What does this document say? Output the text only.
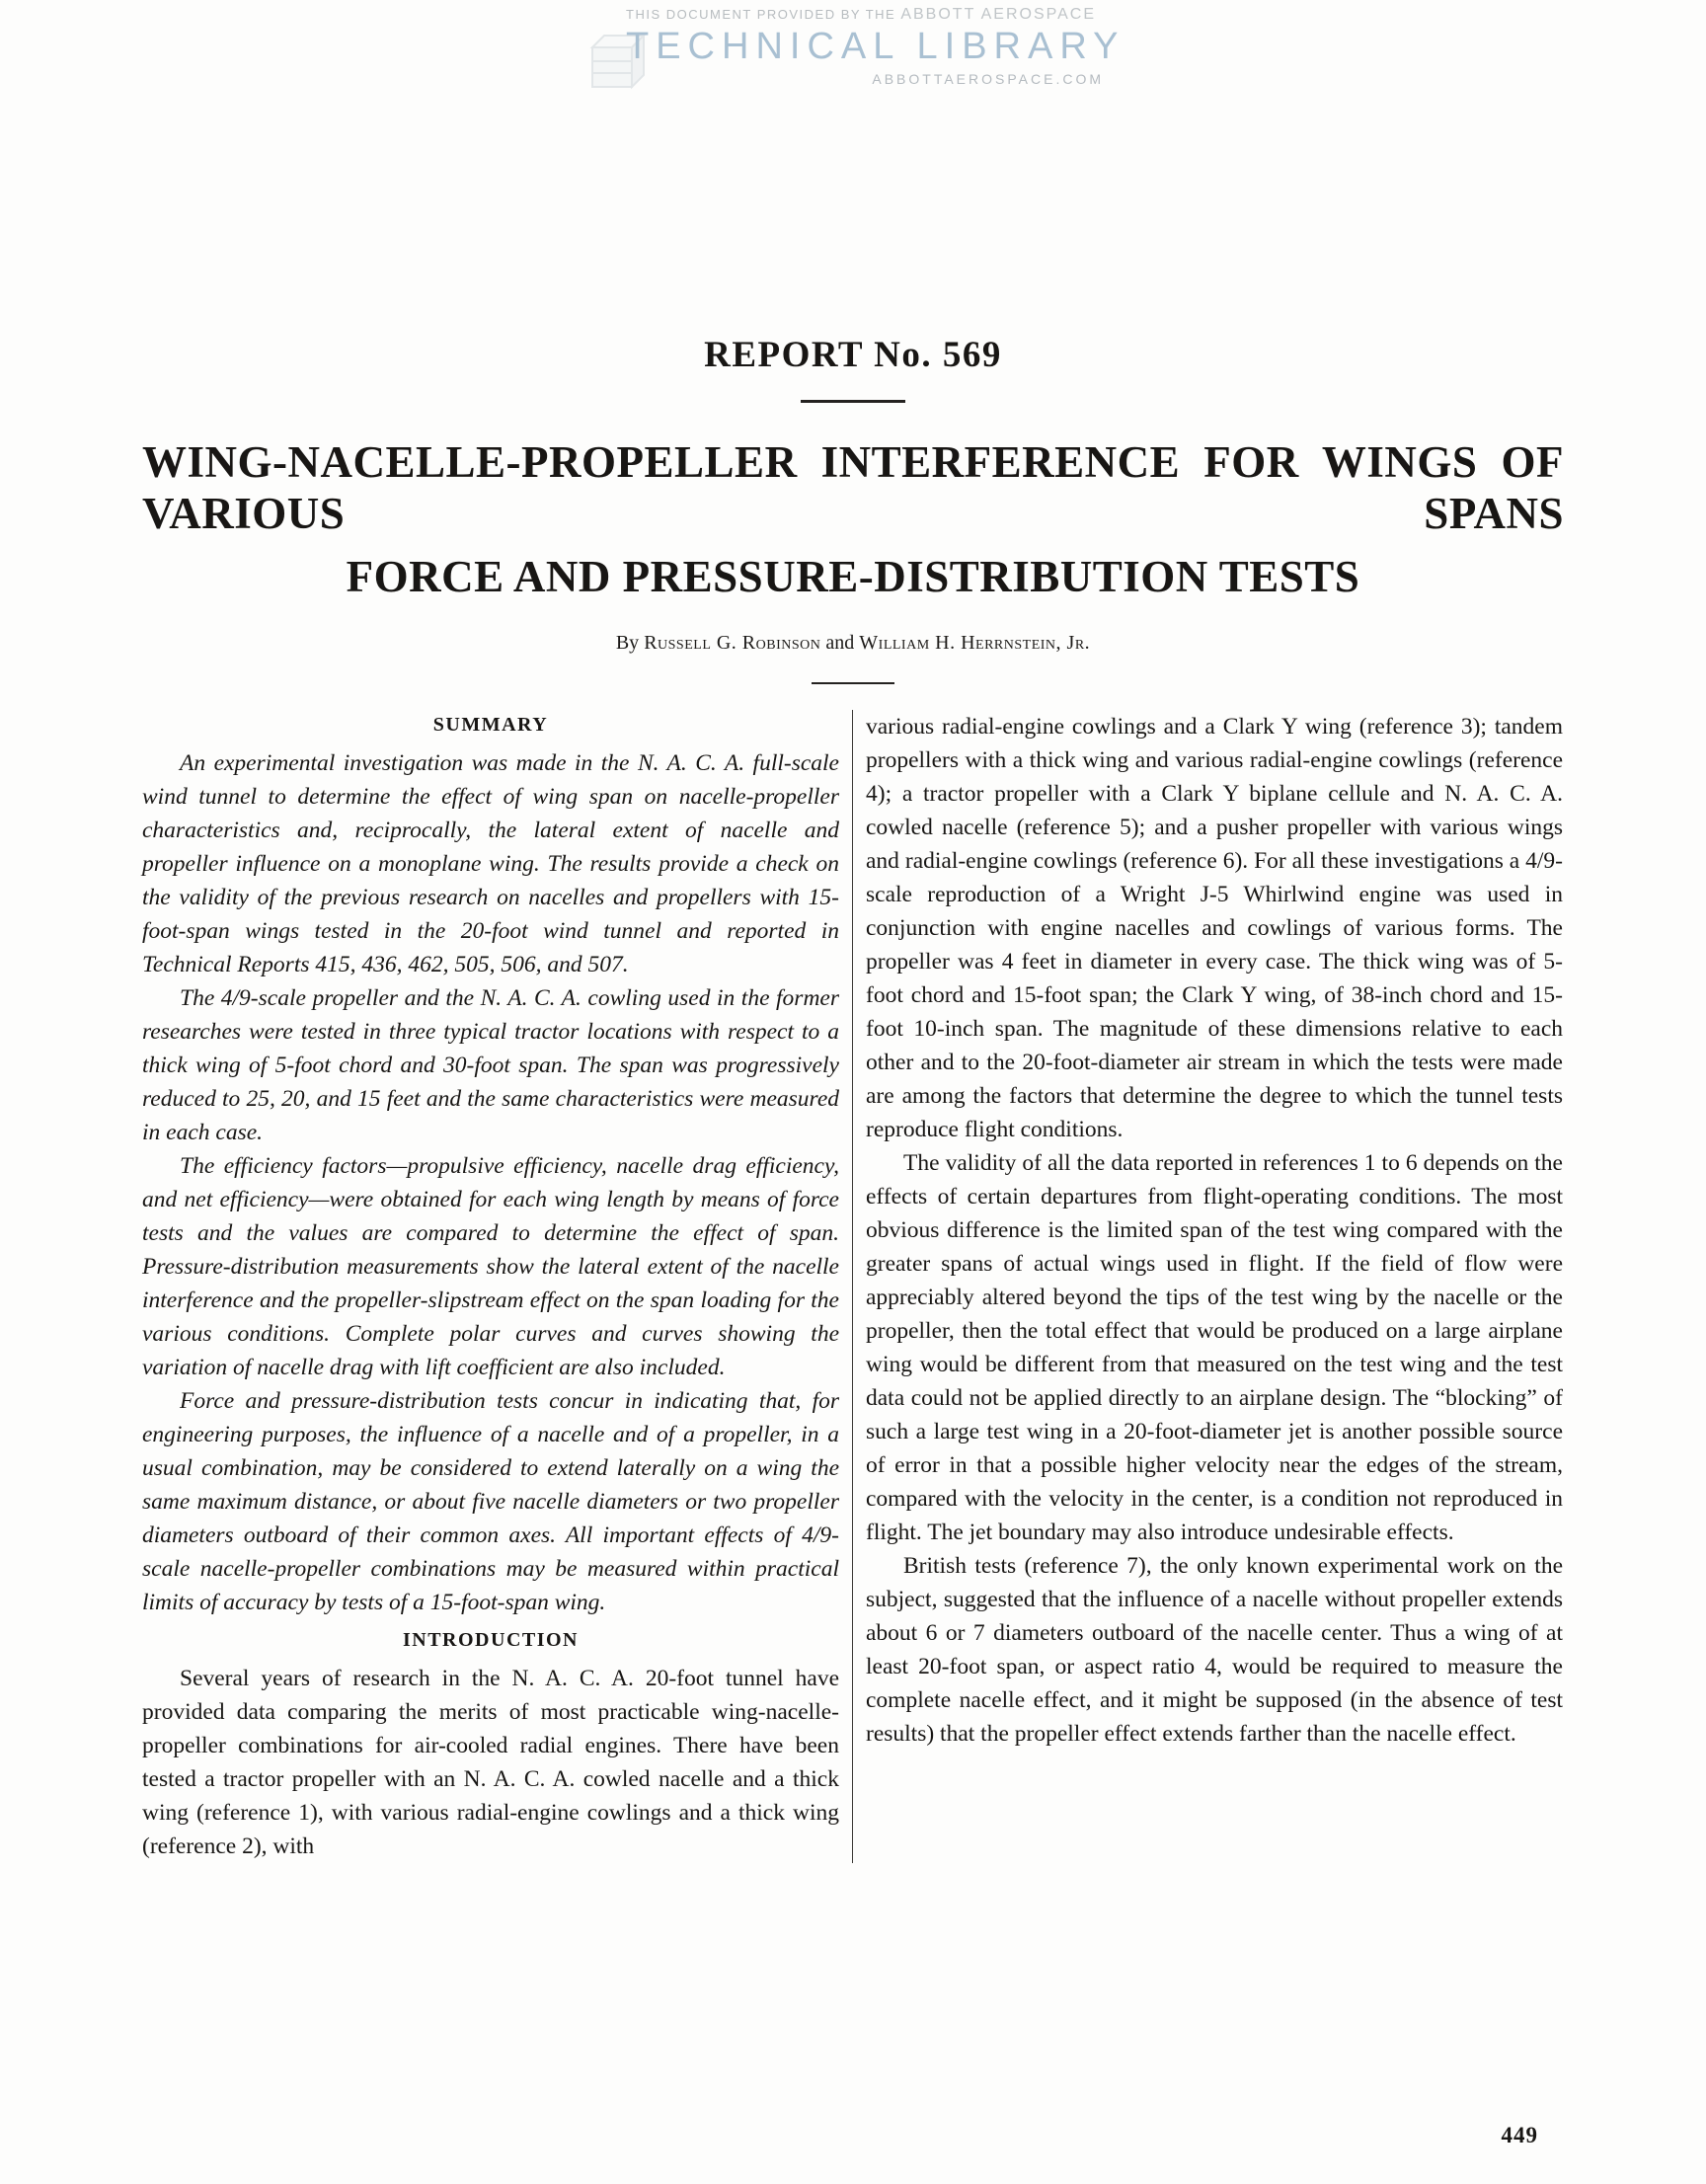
THIS DOCUMENT PROVIDED BY THE ABBOTT AEROSPACE
TECHNICAL LIBRARY
ABBOTTAEROSPACE.COM
REPORT No. 569
WING-NACELLE-PROPELLER INTERFERENCE FOR WINGS OF VARIOUS SPANS
FORCE AND PRESSURE-DISTRIBUTION TESTS

By Russell G. Robinson and William H. Herrnstein, Jr.

SUMMARY

An experimental investigation was made in the N. A. C. A. full-scale wind tunnel to determine the effect of wing span on nacelle-propeller characteristics and, reciprocally, the lateral extent of nacelle and propeller influence on a monoplane wing. The results provide a check on the validity of the previous research on nacelles and propellers with 15-foot-span wings tested in the 20-foot wind tunnel and reported in Technical Reports 415, 436, 462, 505, 506, and 507.

The 4/9-scale propeller and the N. A. C. A. cowling used in the former researches were tested in three typical tractor locations with respect to a thick wing of 5-foot chord and 30-foot span. The span was progressively reduced to 25, 20, and 15 feet and the same characteristics were measured in each case.

The efficiency factors—propulsive efficiency, nacelle drag efficiency, and net efficiency—were obtained for each wing length by means of force tests and the values are compared to determine the effect of span. Pressure-distribution measurements show the lateral extent of the nacelle interference and the propeller-slipstream effect on the span loading for the various conditions. Complete polar curves and curves showing the variation of nacelle drag with lift coefficient are also included.

Force and pressure-distribution tests concur in indicating that, for engineering purposes, the influence of a nacelle and of a propeller, in a usual combination, may be considered to extend laterally on a wing the same maximum distance, or about five nacelle diameters or two propeller diameters outboard of their common axes. All important effects of 4/9-scale nacelle-propeller combinations may be measured within practical limits of accuracy by tests of a 15-foot-span wing.

INTRODUCTION

Several years of research in the N. A. C. A. 20-foot tunnel have provided data comparing the merits of most practicable wing-nacelle-propeller combinations for air-cooled radial engines. There have been tested a tractor propeller with an N. A. C. A. cowled nacelle and a thick wing (reference 1), with various radial-engine cowlings and a thick wing (reference 2), with

various radial-engine cowlings and a Clark Y wing (reference 3); tandem propellers with a thick wing and various radial-engine cowlings (reference 4); a tractor propeller with a Clark Y biplane cellule and N. A. C. A. cowled nacelle (reference 5); and a pusher propeller with various wings and radial-engine cowlings (reference 6). For all these investigations a 4/9-scale reproduction of a Wright J-5 Whirlwind engine was used in conjunction with engine nacelles and cowlings of various forms. The propeller was 4 feet in diameter in every case. The thick wing was of 5-foot chord and 15-foot span; the Clark Y wing, of 38-inch chord and 15-foot 10-inch span. The magnitude of these dimensions relative to each other and to the 20-foot-diameter air stream in which the tests were made are among the factors that determine the degree to which the tunnel tests reproduce flight conditions.

The validity of all the data reported in references 1 to 6 depends on the effects of certain departures from flight-operating conditions. The most obvious difference is the limited span of the test wing compared with the greater spans of actual wings used in flight. If the field of flow were appreciably altered beyond the tips of the test wing by the nacelle or the propeller, then the total effect that would be produced on a large airplane wing would be different from that measured on the test wing and the test data could not be applied directly to an airplane design. The “blocking” of such a large test wing in a 20-foot-diameter jet is another possible source of error in that a possible higher velocity near the edges of the stream, compared with the velocity in the center, is a condition not reproduced in flight. The jet boundary may also introduce undesirable effects.

British tests (reference 7), the only known experimental work on the subject, suggested that the influence of a nacelle without propeller extends about 6 or 7 diameters outboard of the nacelle center. Thus a wing of at least 20-foot span, or aspect ratio 4, would be required to measure the complete nacelle effect, and it might be supposed (in the absence of test results) that the propeller effect extends farther than the nacelle effect.

449
